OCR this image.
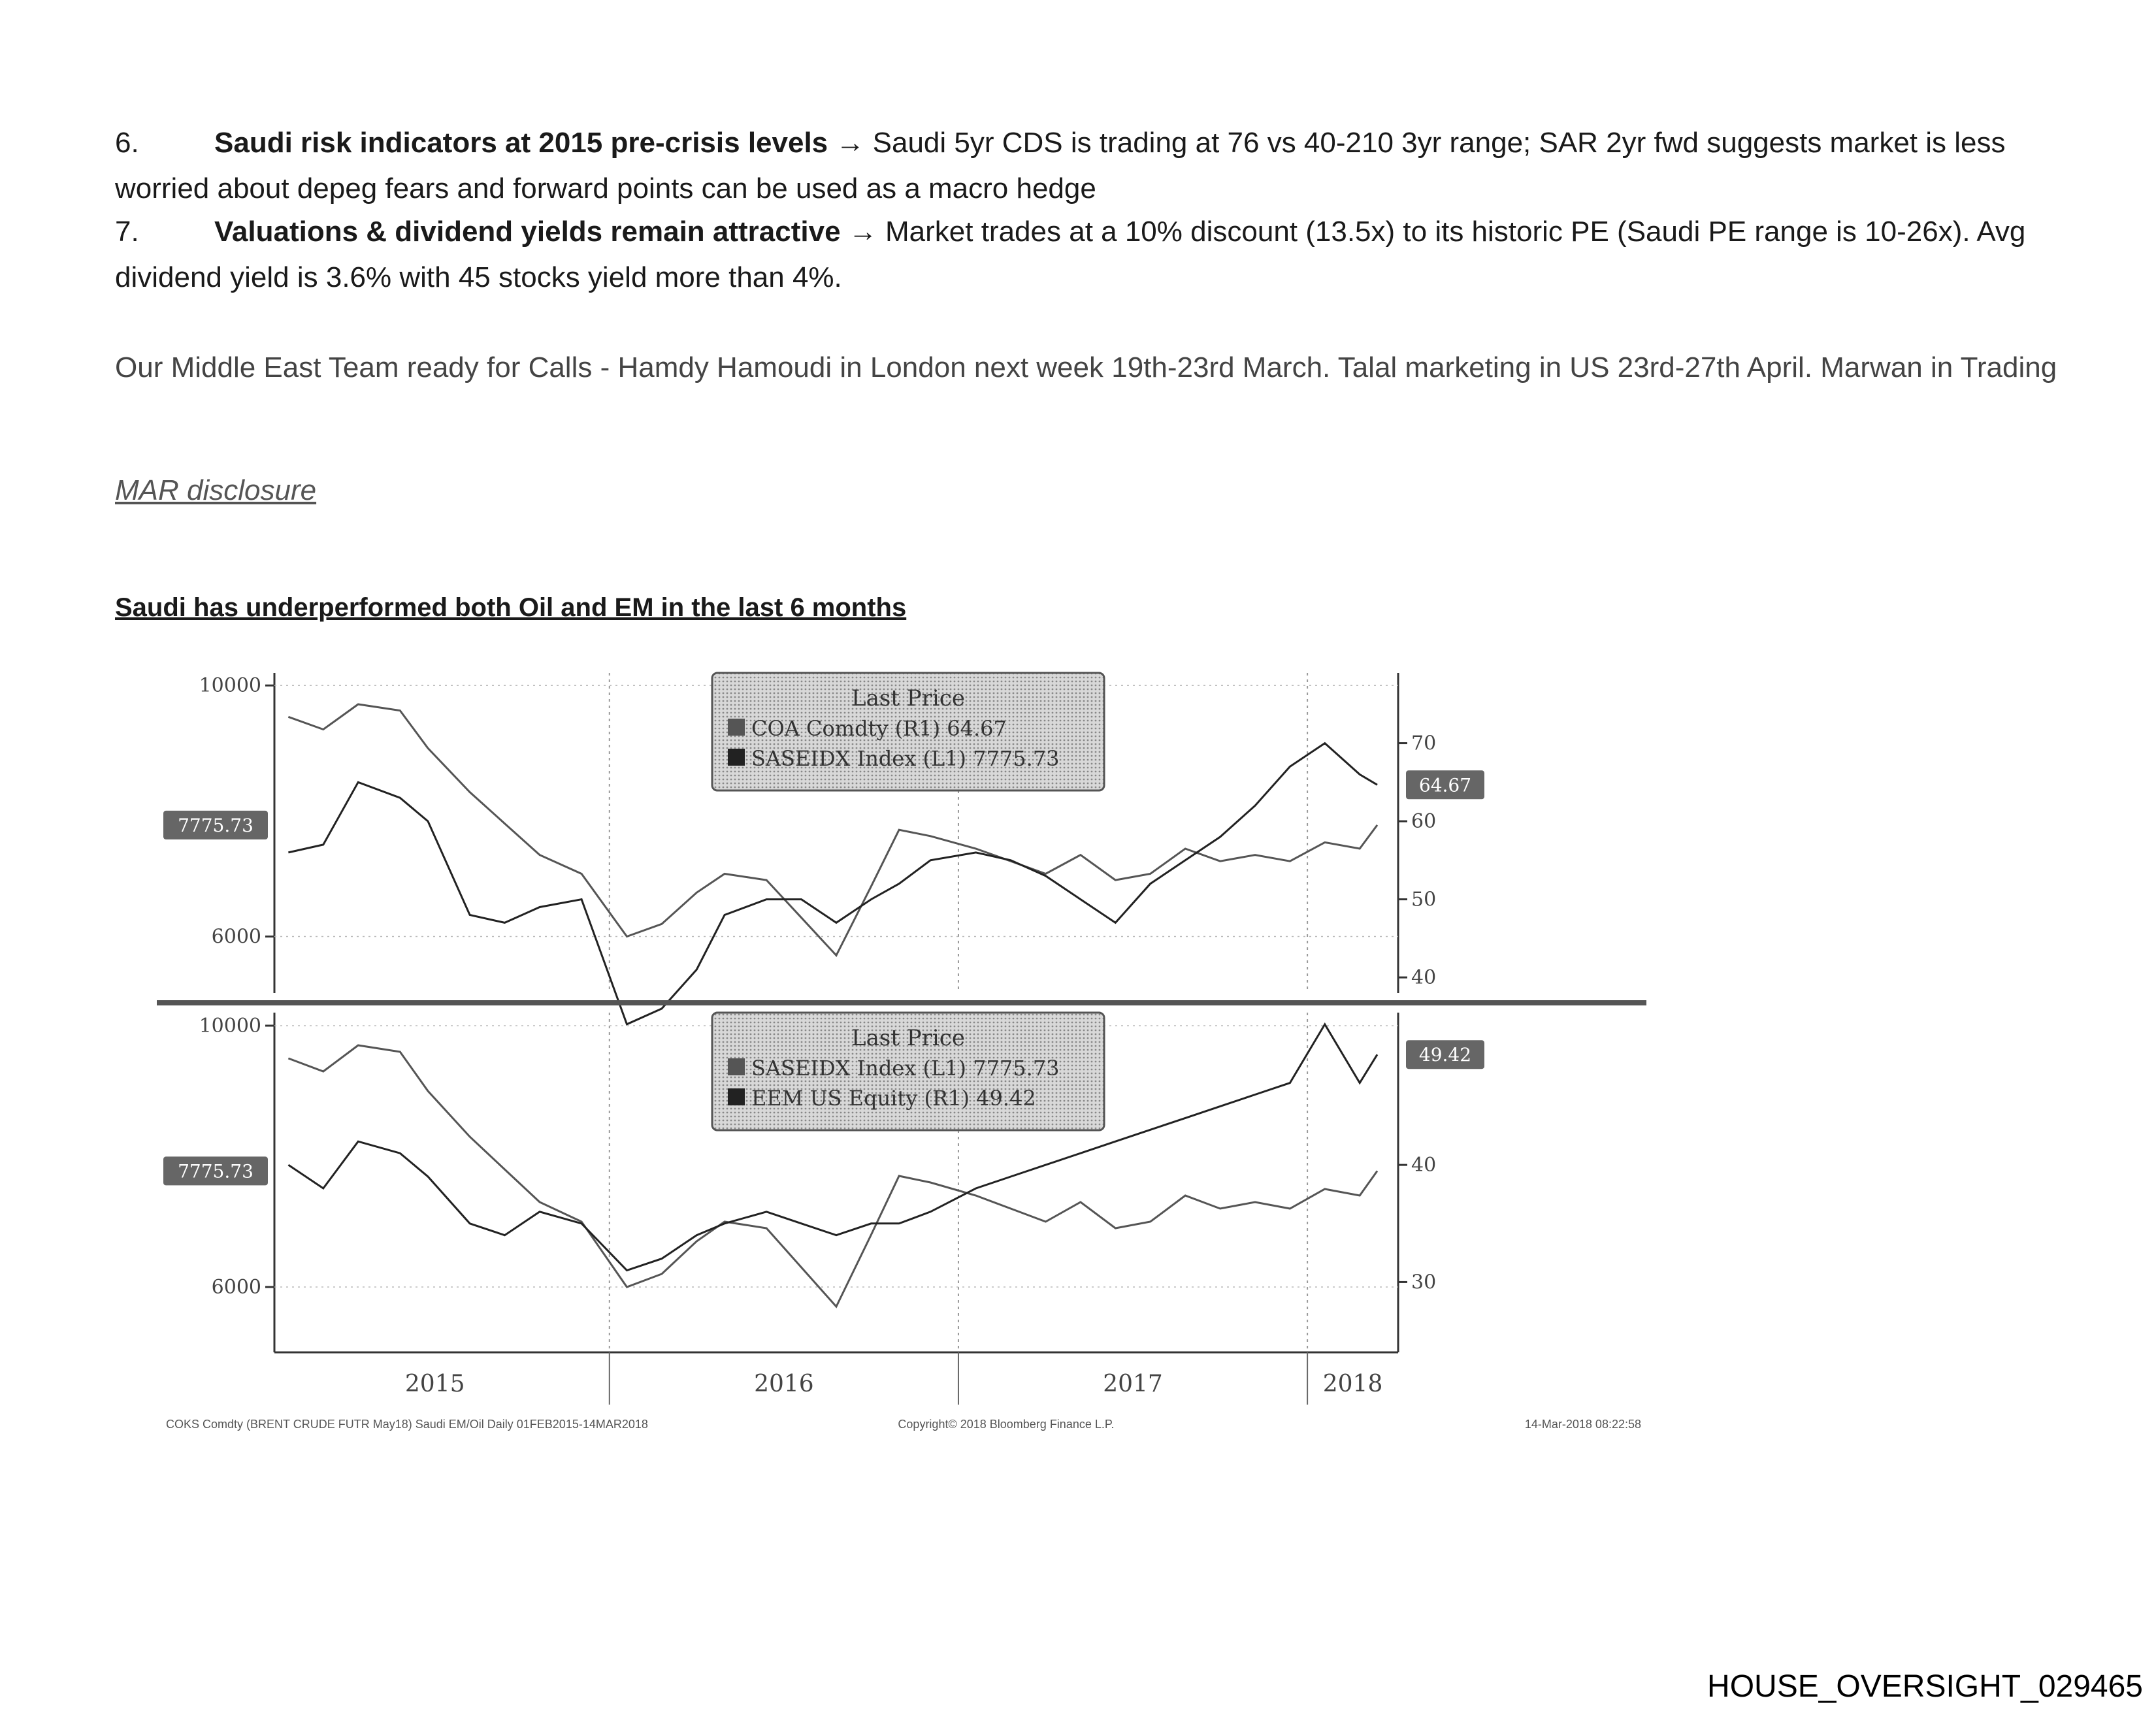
6.	Saudi risk indicators at 2015 pre-crisis levels → Saudi 5yr CDS is trading at 76 vs 40-210 3yr range; SAR 2yr fwd suggests market is less worried about depeg fears and forward points can be used as a macro hedge
7.	Valuations & dividend yields remain attractive → Market trades at a 10% discount (13.5x) to its historic PE (Saudi PE range is 10-26x). Avg dividend yield is 3.6% with 45 stocks yield more than 4%.
Our Middle East Team ready for Calls - Hamdy Hamoudi in London next week 19th-23rd March. Talal marketing in US 23rd-27th April. Marwan in Trading
MAR disclosure
Saudi has underperformed both Oil and EM in the last 6 months
10000
6000
70
60
50
40
7775.73
64.67
Last Price
COA Comdty (R1) 64.67
SASEIDX Index (L1) 7775.73
10000
6000
40
30
7775.73
49.42
Last Price
SASEIDX Index (L1) 7775.73
EEM US Equity (R1) 49.42
2015	2016	2017	2018
COKS Comdty (BRENT CRUDE FUTR May18) Saudi EM/Oil Daily 01FEB2015-14MAR2018	Copyright© 2018 Bloomberg Finance L.P.	14-Mar-2018 08:22:58
HOUSE_OVERSIGHT_029465
